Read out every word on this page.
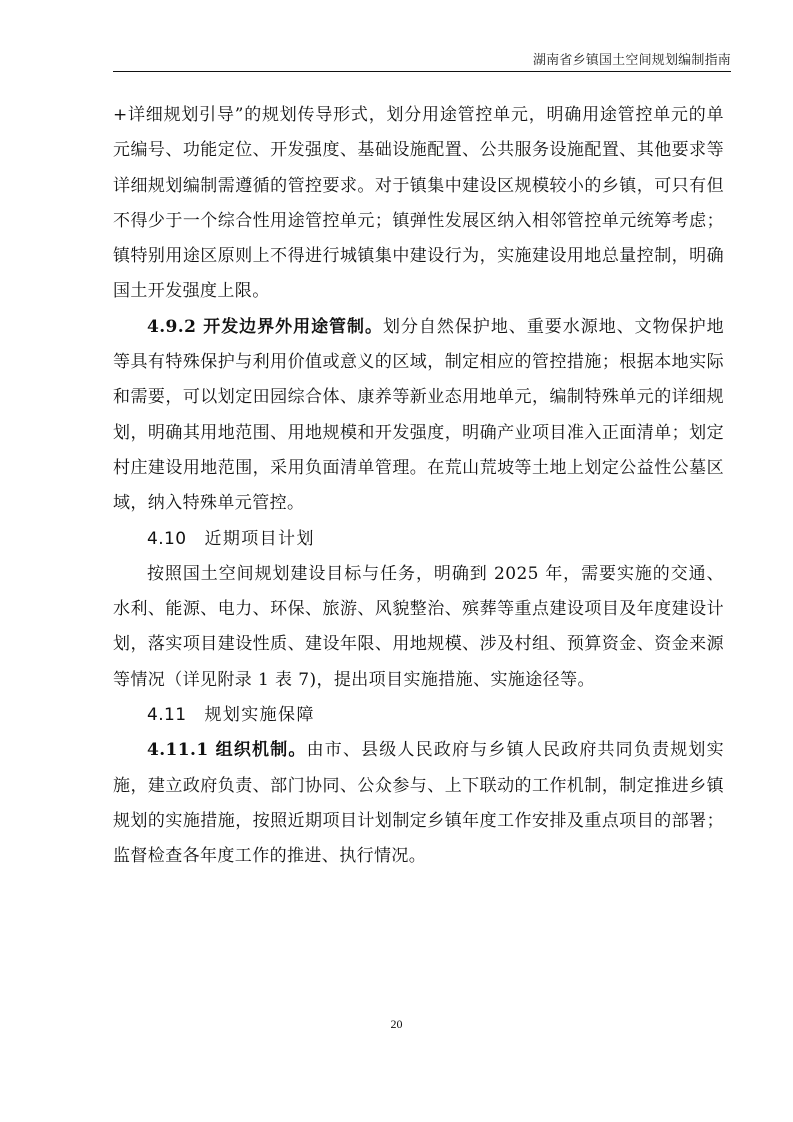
湖南省乡镇国土空间规划编制指南

+详细规划引导”的规划传导形式，划分用途管控单元，明确用途管控单元的单元编号、功能定位、开发强度、基础设施配置、公共服务设施配置、其他要求等详细规划编制需遵循的管控要求。对于镇集中建设区规模较小的乡镇，可只有但不得少于一个综合性用途管控单元；镇弹性发展区纳入相邻管控单元统筹考虑；镇特别用途区原则上不得进行城镇集中建设行为，实施建设用地总量控制，明确国土开发强度上限。

4.9.2 开发边界外用途管制。划分自然保护地、重要水源地、文物保护地等具有特殊保护与利用价值或意义的区域，制定相应的管控措施；根据本地实际和需要，可以划定田园综合体、康养等新业态用地单元，编制特殊单元的详细规划，明确其用地范围、用地规模和开发强度，明确产业项目准入正面清单；划定村庄建设用地范围，采用负面清单管理。在荒山荒坡等土地上划定公益性公墓区域，纳入特殊单元管控。

4.10 近期项目计划

按照国土空间规划建设目标与任务，明确到 2025 年，需要实施的交通、水利、能源、电力、环保、旅游、风貌整治、殡葬等重点建设项目及年度建设计划，落实项目建设性质、建设年限、用地规模、涉及村组、预算资金、资金来源等情况（详见附录 1 表 7)，提出项目实施措施、实施途径等。

4.11 规划实施保障

4.11.1 组织机制。由市、县级人民政府与乡镇人民政府共同负责规划实施，建立政府负责、部门协同、公众参与、上下联动的工作机制，制定推进乡镇规划的实施措施，按照近期项目计划制定乡镇年度工作安排及重点项目的部署；监督检查各年度工作的推进、执行情况。

20
